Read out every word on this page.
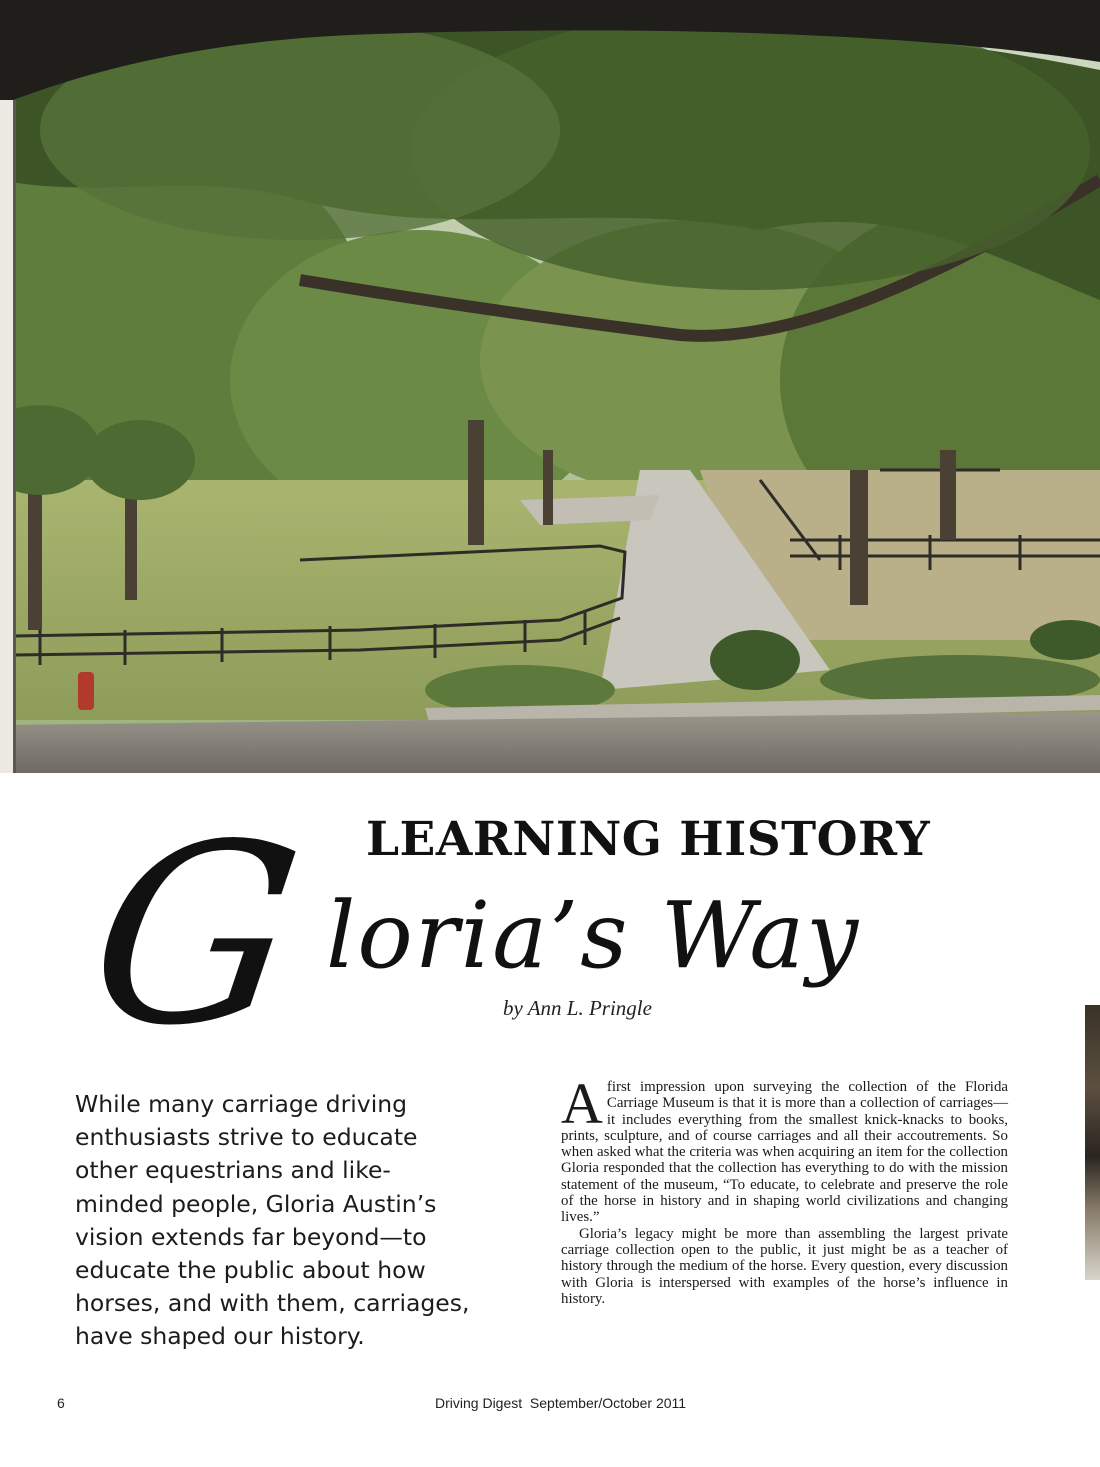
LEARNING HISTORY
G loria’s Way
by Ann L. Pringle
While many carriage driving enthusiasts strive to educate other equestrians and like-minded people, Gloria Austin’s vision extends far beyond—to educate the public about how horses, and with them, carriages, have shaped our history.

Afirst impression upon surveying the collection of the Florida Carriage Museum is that it is more than a collection of carriages—it includes everything from the smallest knick-knacks to books, prints, sculpture, and of course carriages and all their accoutrements. So when asked what the criteria was when acquiring an item for the collection Gloria responded that the collection has everything to do with the mission statement of the museum, “To educate, to celebrate and preserve the role of the horse in history and in shaping world civilizations and changing lives.”

Gloria’s legacy might be more than assembling the largest private carriage collection open to the public, it just might be as a teacher of history through the medium of the horse. Every question, every discussion with Gloria is interspersed with examples of the horse’s influence in history.

6	Driving Digest  September/October 2011
